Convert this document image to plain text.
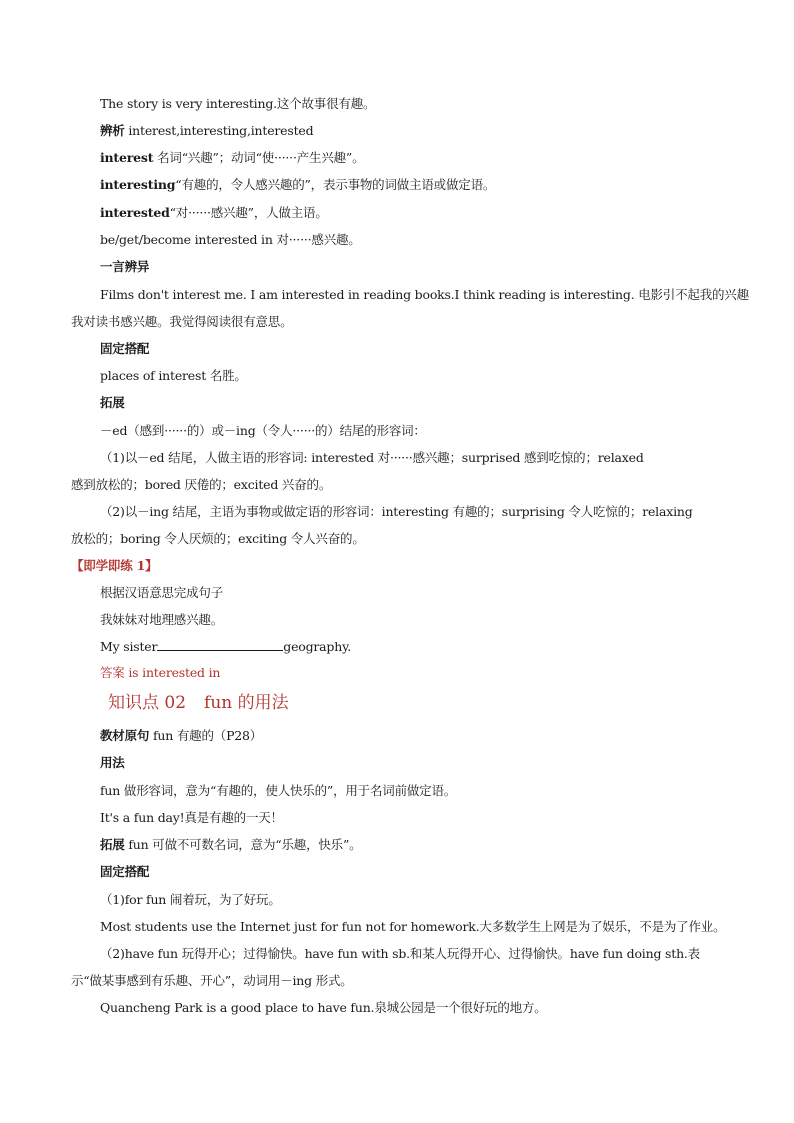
The story is very interesting.这个故事很有趣。
辨析 interest,interesting,interested
interest 名词“兴趣”；动词“使······产生兴趣”。
interesting“有趣的，令人感兴趣的”，表示事物的词做主语或做定语。
interested“对······感兴趣”，人做主语。
be/get/become interested in 对······感兴趣。
一言辨异
Films don't interest me. I am interested in reading books.I think reading is interesting. 电影引不起我的兴趣
我对读书感兴趣。我觉得阅读很有意思。
固定搭配
places of interest 名胜。
拓展
－ed（感到······的）或－ing（令人······的）结尾的形容词：
（1)以－ed 结尾，人做主语的形容词: interested 对······感兴趣；surprised 感到吃惊的；relaxed
感到放松的；bored 厌倦的；excited 兴奋的。
（2)以－ing 结尾，主语为事物或做定语的形容词：interesting 有趣的；surprising 令人吃惊的；relaxing
放松的；boring 令人厌烦的；exciting 令人兴奋的。
【即学即练 1】
根据汉语意思完成句子
我妹妹对地理感兴趣。
My sister	geography.
答案 is interested in
知识点 02 fun 的用法
教材原句 fun 有趣的（P28）
用法
fun 做形容词，意为“有趣的，使人快乐的”，用于名词前做定语。
It's a fun day!真是有趣的一天！
拓展 fun 可做不可数名词，意为“乐趣，快乐”。
固定搭配
（1)for fun 闹着玩，为了好玩。
Most students use the Internet just for fun not for homework.大多数学生上网是为了娱乐，不是为了作业。
（2)have fun 玩得开心；过得愉快。have fun with sb.和某人玩得开心、过得愉快。have fun doing sth.表
示“做某事感到有乐趣、开心”，动词用－ing 形式。
Quancheng Park is a good place to have fun.泉城公园是一个很好玩的地方。
